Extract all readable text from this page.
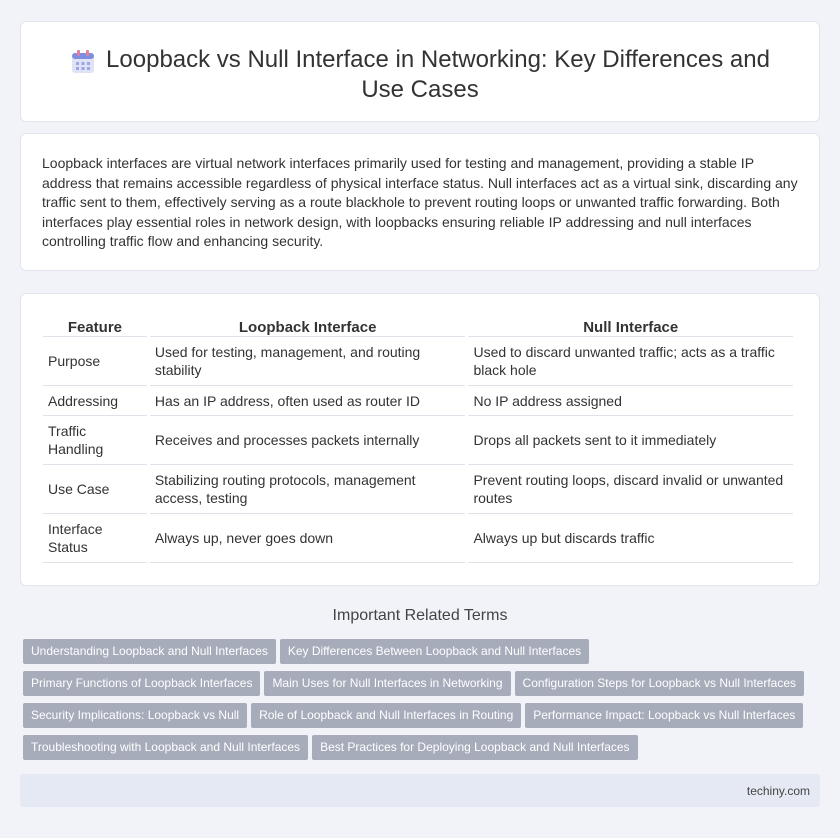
Loopback vs Null Interface in Networking: Key Differences and Use Cases

Loopback interfaces are virtual network interfaces primarily used for testing and management, providing a stable IP address that remains accessible regardless of physical interface status. Null interfaces act as a virtual sink, discarding any traffic sent to them, effectively serving as a route blackhole to prevent routing loops or unwanted traffic forwarding. Both interfaces play essential roles in network design, with loopbacks ensuring reliable IP addressing and null interfaces controlling traffic flow and enhancing security.

Feature	Loopback Interface	Null Interface
Purpose	Used for testing, management, and routing stability	Used to discard unwanted traffic; acts as a traffic black hole
Addressing	Has an IP address, often used as router ID	No IP address assigned
Traffic Handling	Receives and processes packets internally	Drops all packets sent to it immediately
Use Case	Stabilizing routing protocols, management access, testing	Prevent routing loops, discard invalid or unwanted routes
Interface Status	Always up, never goes down	Always up but discards traffic
Important Related Terms
Understanding Loopback and Null Interfaces Key Differences Between Loopback and Null Interfaces
Primary Functions of Loopback Interfaces Main Uses for Null Interfaces in Networking Configuration Steps for Loopback vs Null Interfaces
Security Implications: Loopback vs Null Role of Loopback and Null Interfaces in Routing Performance Impact: Loopback vs Null Interfaces
Troubleshooting with Loopback and Null Interfaces Best Practices for Deploying Loopback and Null Interfaces
techiny.com
